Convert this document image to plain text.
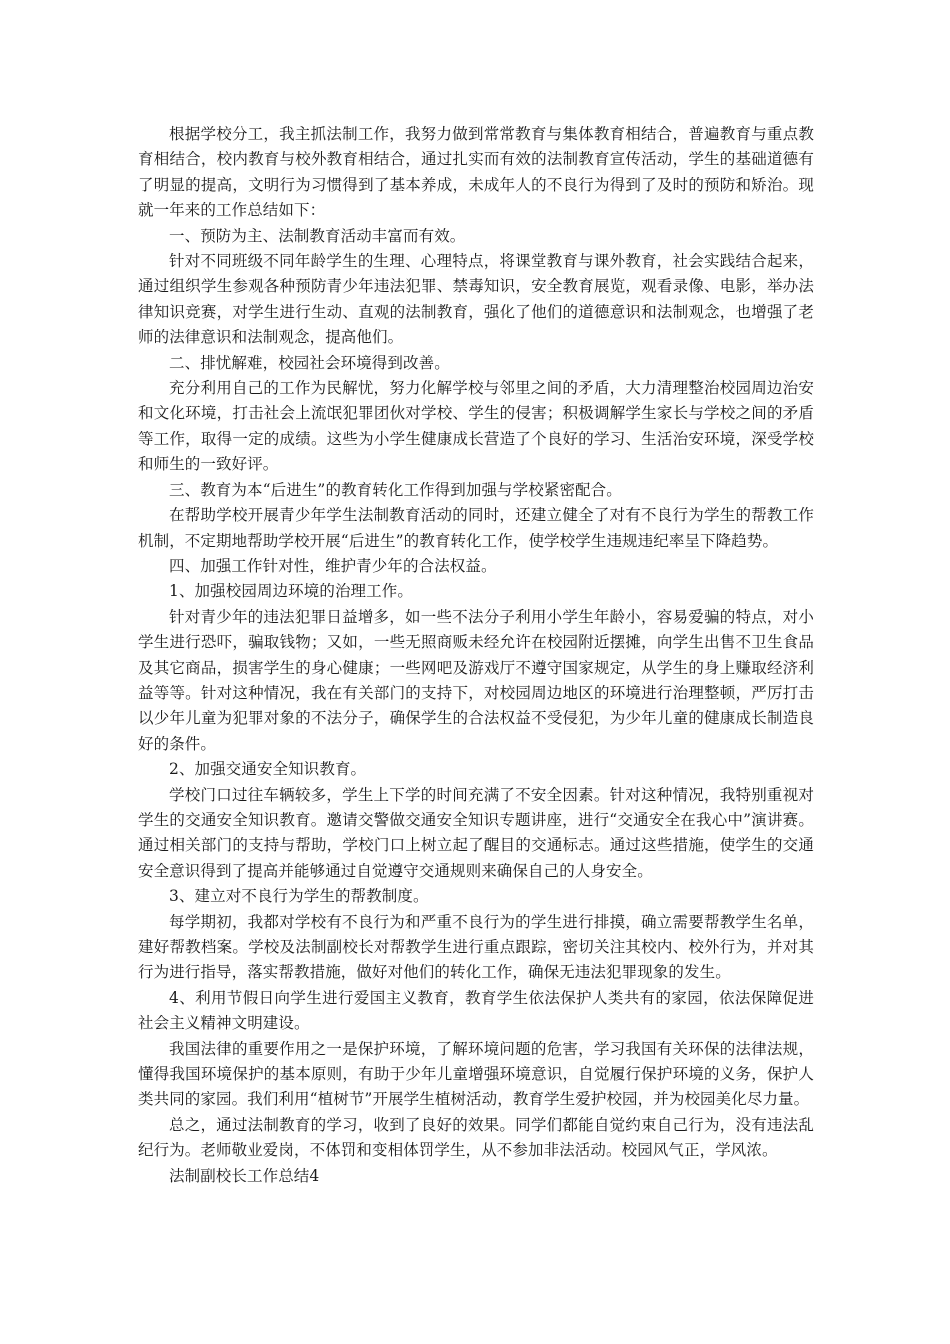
根据学校分工，我主抓法制工作，我努力做到常常教育与集体教育相结合，普遍教育与重点教育相结合，校内教育与校外教育相结合，通过扎实而有效的法制教育宣传活动，学生的基础道德有了明显的提高，文明行为习惯得到了基本养成，未成年人的不良行为得到了及时的预防和矫治。现就一年来的工作总结如下：

一、预防为主、法制教育活动丰富而有效。

针对不同班级不同年龄学生的生理、心理特点，将课堂教育与课外教育，社会实践结合起来，通过组织学生参观各种预防青少年违法犯罪、禁毒知识，安全教育展览，观看录像、电影，举办法律知识竞赛，对学生进行生动、直观的法制教育，强化了他们的道德意识和法制观念，也增强了老师的法律意识和法制观念，提高他们。

二、排忧解难，校园社会环境得到改善。

充分利用自己的工作为民解忧，努力化解学校与邻里之间的矛盾，大力清理整治校园周边治安和文化环境，打击社会上流氓犯罪团伙对学校、学生的侵害；积极调解学生家长与学校之间的矛盾等工作，取得一定的成绩。这些为小学生健康成长营造了个良好的学习、生活治安环境，深受学校和师生的一致好评。

三、教育为本“后进生”的教育转化工作得到加强与学校紧密配合。

在帮助学校开展青少年学生法制教育活动的同时，还建立健全了对有不良行为学生的帮教工作机制，不定期地帮助学校开展“后进生”的教育转化工作，使学校学生违规违纪率呈下降趋势。

四、加强工作针对性，维护青少年的合法权益。

1、加强校园周边环境的治理工作。

针对青少年的违法犯罪日益增多，如一些不法分子利用小学生年龄小，容易爱骗的特点，对小学生进行恐吓，骗取钱物；又如，一些无照商贩未经允许在校园附近摆摊，向学生出售不卫生食品及其它商品，损害学生的身心健康；一些网吧及游戏厅不遵守国家规定，从学生的身上赚取经济利益等等。针对这种情况，我在有关部门的支持下，对校园周边地区的环境进行治理整顿，严厉打击以少年儿童为犯罪对象的不法分子，确保学生的合法权益不受侵犯，为少年儿童的健康成长制造良好的条件。

2、加强交通安全知识教育。

学校门口过往车辆较多，学生上下学的时间充满了不安全因素。针对这种情况，我特别重视对学生的交通安全知识教育。邀请交警做交通安全知识专题讲座，进行“交通安全在我心中”演讲赛。通过相关部门的支持与帮助，学校门口上树立起了醒目的交通标志。通过这些措施，使学生的交通安全意识得到了提高并能够通过自觉遵守交通规则来确保自己的人身安全。

3、建立对不良行为学生的帮教制度。

每学期初，我都对学校有不良行为和严重不良行为的学生进行排摸，确立需要帮教学生名单，建好帮教档案。学校及法制副校长对帮教学生进行重点跟踪，密切关注其校内、校外行为，并对其行为进行指导，落实帮教措施，做好对他们的转化工作，确保无违法犯罪现象的发生。

4、利用节假日向学生进行爱国主义教育，教育学生依法保护人类共有的家园，依法保障促进社会主义精神文明建设。

我国法律的重要作用之一是保护环境，了解环境问题的危害，学习我国有关环保的法律法规，懂得我国环境保护的基本原则，有助于少年儿童增强环境意识，自觉履行保护环境的义务，保护人类共同的家园。我们利用“植树节”开展学生植树活动，教育学生爱护校园，并为校园美化尽力量。

总之，通过法制教育的学习，收到了良好的效果。同学们都能自觉约束自己行为，没有违法乱纪行为。老师敬业爱岗，不体罚和变相体罚学生，从不参加非法活动。校园风气正，学风浓。

法制副校长工作总结4
